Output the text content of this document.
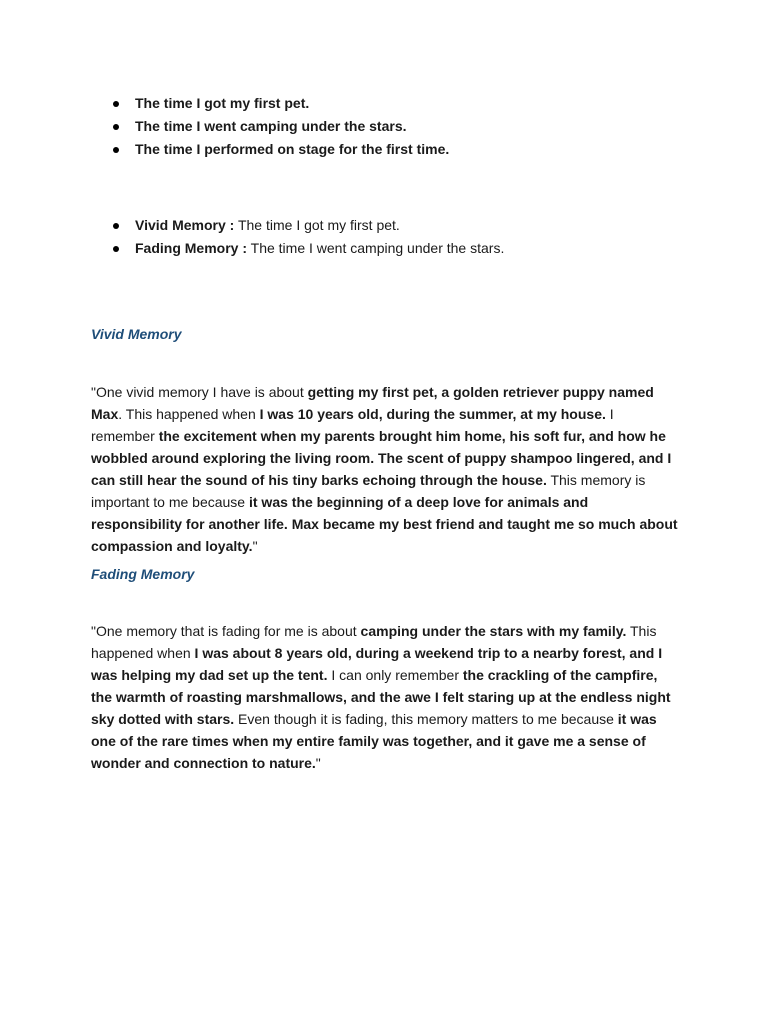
The time I got my first pet.
The time I went camping under the stars.
The time I performed on stage for the first time.
Vivid Memory : The time I got my first pet.
Fading Memory : The time I went camping under the stars.
Vivid Memory

"One vivid memory I have is about getting my first pet, a golden retriever puppy named Max. This happened when I was 10 years old, during the summer, at my house. I remember the excitement when my parents brought him home, his soft fur, and how he wobbled around exploring the living room. The scent of puppy shampoo lingered, and I can still hear the sound of his tiny barks echoing through the house. This memory is important to me because it was the beginning of a deep love for animals and responsibility for another life. Max became my best friend and taught me so much about compassion and loyalty."

Fading Memory

"One memory that is fading for me is about camping under the stars with my family. This happened when I was about 8 years old, during a weekend trip to a nearby forest, and I was helping my dad set up the tent. I can only remember the crackling of the campfire, the warmth of roasting marshmallows, and the awe I felt staring up at the endless night sky dotted with stars. Even though it is fading, this memory matters to me because it was one of the rare times when my entire family was together, and it gave me a sense of wonder and connection to nature."
